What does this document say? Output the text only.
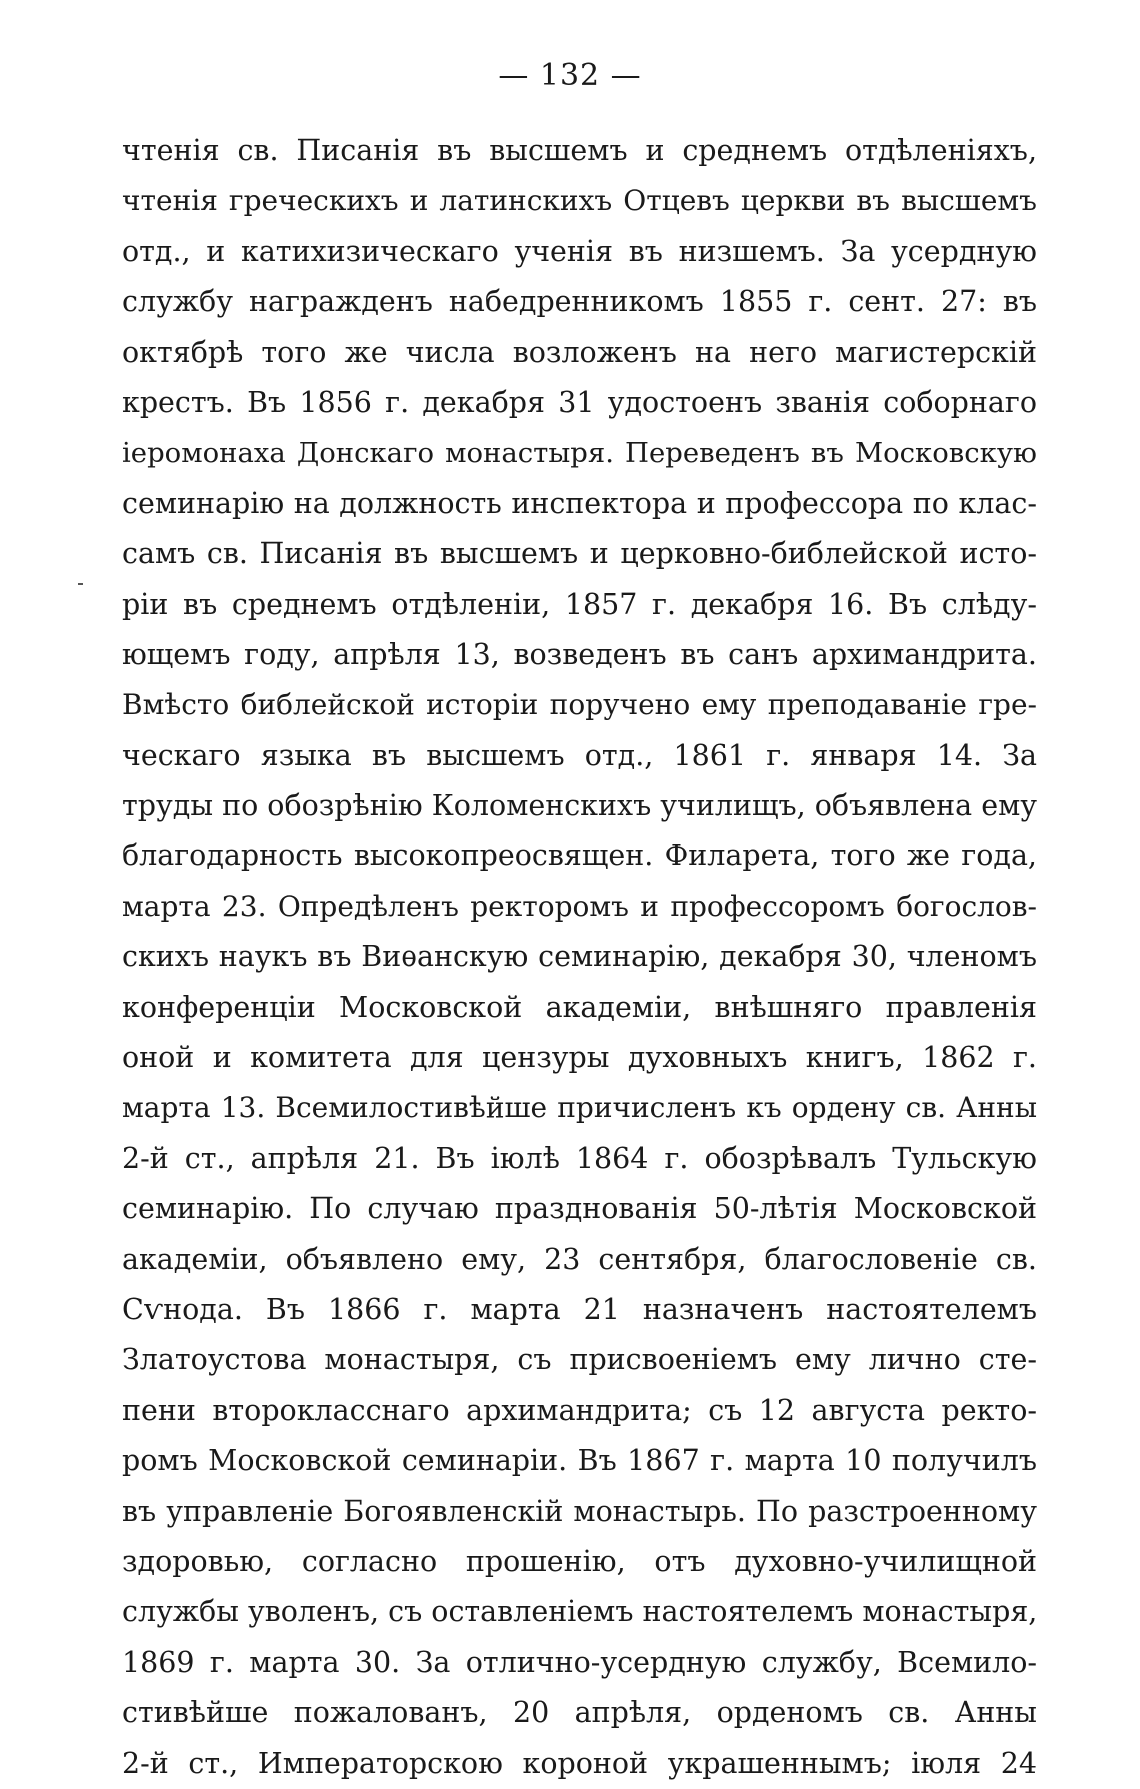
— 132 —
чтенія св. Писанія въ высшемъ и среднемъ отдѣленіяхъ,
чтенія греческихъ и латинскихъ Отцевъ церкви въ высшемъ
отд., и катихизическаго ученія въ низшемъ. За усердную
службу награжденъ набедренникомъ 1855 г. сент. 27: въ
октябрѣ того же числа возложенъ на него магистерскій
крестъ. Въ 1856 г. декабря 31 удостоенъ званія соборнаго
іеромонаха Донскаго монастыря. Переведенъ въ Московскую
семинарію на должность инспектора и профессора по клас-
самъ св. Писанія въ высшемъ и церковно-библейской исто-
ріи въ среднемъ отдѣленіи, 1857 г. декабря 16. Въ слѣду-
ющемъ году, апрѣля 13, возведенъ въ санъ архимандрита.
Вмѣсто библейской исторіи поручено ему преподаваніе гре-
ческаго языка въ высшемъ отд., 1861 г. января 14. За
труды по обозрѣнію Коломенскихъ училищъ, объявлена ему
благодарность высокопреосвящен. Филарета, того же года,
марта 23. Опредѣленъ ректоромъ и профессоромъ богослов-
скихъ наукъ въ Виѳанскую семинарію, декабря 30, членомъ
конференціи Московской академіи, внѣшняго правленія
оной и комитета для цензуры духовныхъ книгъ, 1862 г.
марта 13. Всемилостивѣйше причисленъ къ ордену св. Анны
2-й ст., апрѣля 21. Въ іюлѣ 1864 г. обозрѣвалъ Тульскую
семинарію. По случаю празднованія 50-лѣтія Московской
академіи, объявлено ему, 23 сентября, благословеніе св.
Сѵнода. Въ 1866 г. марта 21 назначенъ настоятелемъ
Златоустова монастыря, съ присвоеніемъ ему лично сте-
пени второкласснаго архимандрита; съ 12 августа ректо-
ромъ Московской семинаріи. Въ 1867 г. марта 10 получилъ
въ управленіе Богоявленскій монастырь. По разстроенному
здоровью, согласно прошенію, отъ духовно-училищной
службы уволенъ, съ оставленіемъ настоятелемъ монастыря,
1869 г. марта 30. За отлично-усердную службу, Всемило-
стивѣйше пожалованъ, 20 апрѣля, орденомъ св. Анны
2-й ст., Императорскою короной украшеннымъ; іюля 24
